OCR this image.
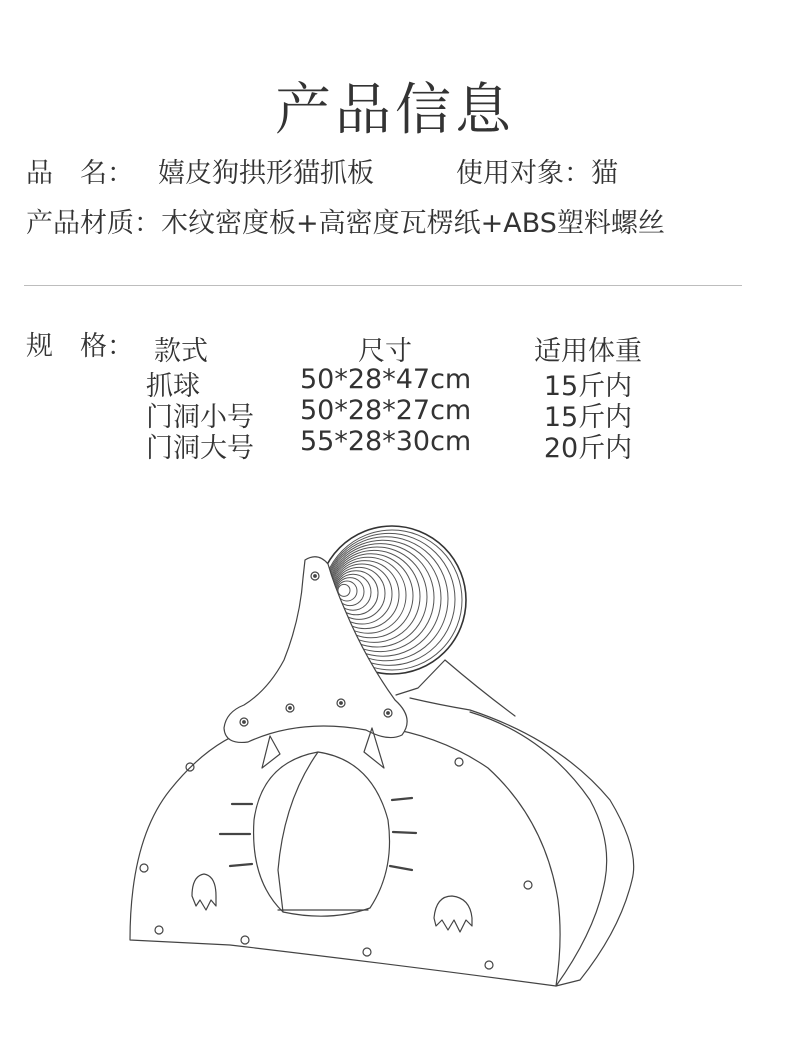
产品信息
品　名： 嬉皮狗拱形猫抓板	使用对象：猫
产品材质：木纹密度板+高密度瓦楞纸+ABS塑料螺丝
规　格： 款式	尺寸	适用体重
抓球	50*28*47cm	15斤内
门洞小号 50*28*27cm	15斤内
门洞大号 55*28*30cm	20斤内
